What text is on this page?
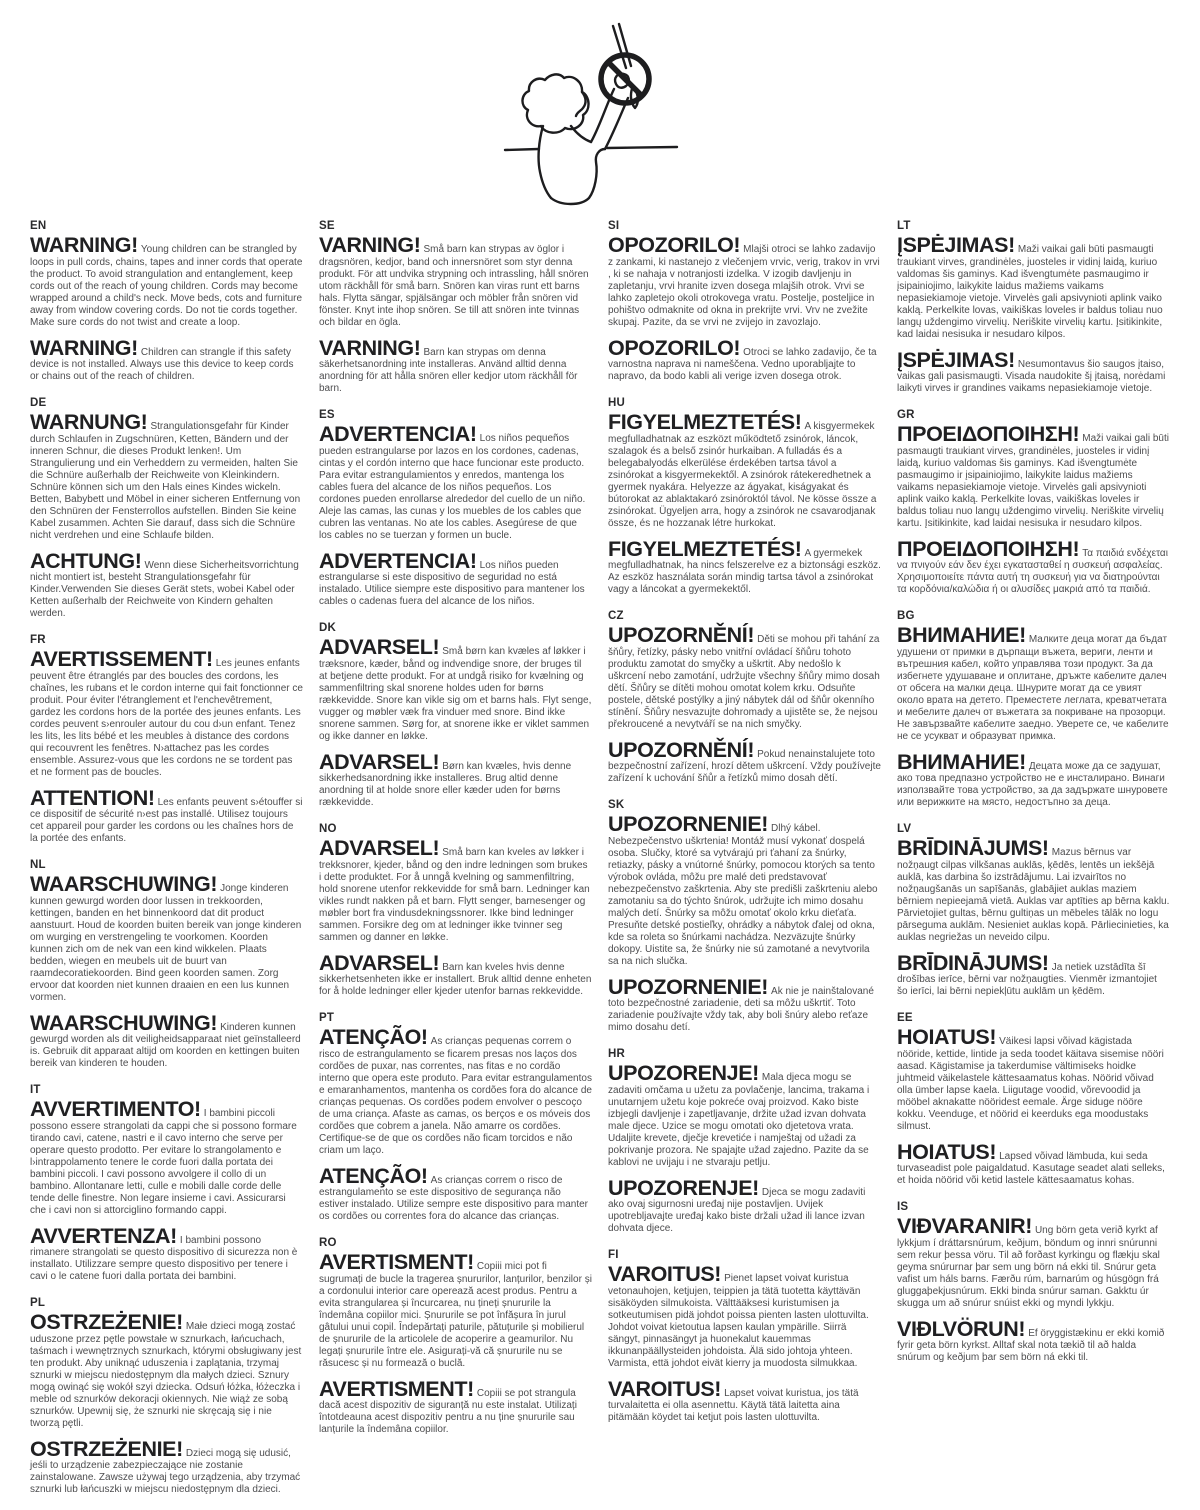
EN

WARNING! Young children can be strangled by loops in pull cords, chains, tapes and inner cords that operate the product. To avoid strangulation and entanglement, keep cords out of the reach of young children. Cords may become wrapped around a child's neck. Move beds, cots and furniture away from window covering cords. Do not tie cords together. Make sure cords do not twist and create a loop.

WARNING! Children can strangle if this safety device is not installed. Always use this device to keep cords or chains out of the reach of children.

DE

WARNUNG! Strangulationsgefahr für Kinder durch Schlaufen in Zugschnüren, Ketten, Bändern und der inneren Schnur, die dieses Produkt lenken!. Um Strangulierung und ein Verheddern zu vermeiden, halten Sie die Schnüre außerhalb der Reichweite von Kleinkindern. Schnüre können sich um den Hals eines Kindes wickeln. Betten, Babybett und Möbel in einer sicheren Entfernung von den Schnüren der Fensterrollos aufstellen. Binden Sie keine Kabel zusammen. Achten Sie darauf, dass sich die Schnüre nicht verdrehen und eine Schlaufe bilden.

ACHTUNG! Wenn diese Sicherheitsvorrichtung nicht montiert ist, besteht Strangulationsgefahr für Kinder.Verwenden Sie dieses Gerät stets, wobei Kabel oder Ketten außerhalb der Reichweite von Kindern gehalten werden.

FR

AVERTISSEMENT! Les jeunes enfants peuvent être étranglés par des boucles des cordons, les chaînes, les rubans et le cordon interne qui fait fonctionner ce produit. Pour éviter l'étranglement et l'enchevêtrement, gardez les cordons hors de la portée des jeunes enfants. Les cordes peuvent s›enrouler autour du cou d›un enfant. Tenez les lits, les lits bébé et les meubles à distance des cordons qui recouvrent les fenêtres. N›attachez pas les cordes ensemble. Assurez-vous que les cordons ne se tordent pas et ne forment pas de boucles.

ATTENTION! Les enfants peuvent s›étouffer si ce dispositif de sécurité n›est pas installé. Utilisez toujours cet appareil pour garder les cordons ou les chaînes hors de la portée des enfants.

NL

WAARSCHUWING! Jonge kinderen kunnen gewurgd worden door lussen in trekkoorden, kettingen, banden en het binnenkoord dat dit product aanstuurt. Houd de koorden buiten bereik van jonge kinderen om wurging en verstrengeling te voorkomen. Koorden kunnen zich om de nek van een kind wikkelen. Plaats bedden, wiegen en meubels uit de buurt van raamdecoratiekoorden. Bind geen koorden samen. Zorg ervoor dat koorden niet kunnen draaien en een lus kunnen vormen.

WAARSCHUWING! Kinderen kunnen gewurgd worden als dit veiligheidsapparaat niet geïnstalleerd is. Gebruik dit apparaat altijd om koorden en kettingen buiten bereik van kinderen te houden.

IT

AVVERTIMENTO! I bambini piccoli possono essere strangolati da cappi che si possono formare tirando cavi, catene, nastri e il cavo interno che serve per operare questo prodotto. Per evitare lo strangolamento e l›intrappolamento tenere le corde fuori dalla portata dei bambini piccoli. I cavi possono avvolgere il collo di un bambino. Allontanare letti, culle e mobili dalle corde delle tende delle finestre. Non legare insieme i cavi. Assicurarsi che i cavi non si attorciglino formando cappi.

AVVERTENZA! I bambini possono rimanere strangolati se questo dispositivo di sicurezza non è installato. Utilizzare sempre questo dispositivo per tenere i cavi o le catene fuori dalla portata dei bambini.

PL

OSTRZEŻENIE! Małe dzieci mogą zostać uduszone przez pętle powstałe w sznurkach, łańcuchach, taśmach i wewnętrznych sznurkach, którymi obsługiwany jest ten produkt. Aby uniknąć uduszenia i zaplątania, trzymaj sznurki w miejscu niedostępnym dla małych dzieci. Sznury mogą owinąć się wokół szyi dziecka. Odsuń łóżka, łóżeczka i meble od sznurków dekoracji okiennych. Nie wiąż ze sobą sznurków. Upewnij się, że sznurki nie skręcają się i nie tworzą pętli.

OSTRZEŻENIE! Dzieci mogą się udusić, jeśli to urządzenie zabezpieczające nie zostanie zainstalowane. Zawsze używaj tego urządzenia, aby trzymać sznurki lub łańcuszki w miejscu niedostępnym dla dzieci.

SE

VARNING! Små barn kan strypas av öglor i dragsnören, kedjor, band och innersnöret som styr denna produkt. För att undvika strypning och intrassling, håll snören utom räckhåll för små barn. Snören kan viras runt ett barns hals. Flytta sängar, spjälsängar och möbler från snören vid fönster. Knyt inte ihop snören. Se till att snören inte tvinnas och bildar en ögla.

VARNING! Barn kan strypas om denna säkerhetsanordning inte installeras. Använd alltid denna anordning för att hålla snören eller kedjor utom räckhåll för barn.

ES

ADVERTENCIA! Los niños pequeños pueden estrangularse por lazos en los cordones, cadenas, cintas y el cordón interno que hace funcionar este producto. Para evitar estrangulamientos y enredos, mantenga los cables fuera del alcance de los niños pequeños. Los cordones pueden enrollarse alrededor del cuello de un niño. Aleje las camas, las cunas y los muebles de los cables que cubren las ventanas. No ate los cables. Asegúrese de que los cables no se tuerzan y formen un bucle.

ADVERTENCIA! Los niños pueden estrangularse si este dispositivo de seguridad no está instalado. Utilice siempre este dispositivo para mantener los cables o cadenas fuera del alcance de los niños.

DK

ADVARSEL! Små børn kan kvæles af løkker i træksnore, kæder, bånd og indvendige snore, der bruges til at betjene dette produkt. For at undgå risiko for kvælning og sammenfiltring skal snorene holdes uden for børns rækkevidde. Snore kan vikle sig om et barns hals. Flyt senge, vugger og møbler væk fra vinduer med snore. Bind ikke snorene sammen. Sørg for, at snorene ikke er viklet sammen og ikke danner en løkke.

ADVARSEL! Børn kan kvæles, hvis denne sikkerhedsanordning ikke installeres. Brug altid denne anordning til at holde snore eller kæder uden for børns rækkevidde.

NO

ADVARSEL! Små barn kan kveles av løkker i trekksnorer, kjeder, bånd og den indre ledningen som brukes i dette produktet. For å unngå kvelning og sammenfiltring, hold snorene utenfor rekkevidde for små barn. Ledninger kan vikles rundt nakken på et barn. Flytt senger, barnesenger og møbler bort fra vindusdekningssnorer. Ikke bind ledninger sammen. Forsikre deg om at ledninger ikke tvinner seg sammen og danner en løkke.

ADVARSEL! Barn kan kveles hvis denne sikkerhetsenheten ikke er installert. Bruk alltid denne enheten for å holde ledninger eller kjeder utenfor barnas rekkevidde.

PT

ATENÇÃO! As crianças pequenas correm o risco de estrangulamento se ficarem presas nos laços dos cordões de puxar, nas correntes, nas fitas e no cordão interno que opera este produto. Para evitar estrangulamentos e emaranhamentos, mantenha os cordões fora do alcance de crianças pequenas. Os cordões podem envolver o pescoço de uma criança. Afaste as camas, os berços e os móveis dos cordões que cobrem a janela. Não amarre os cordões. Certifique-se de que os cordões não ficam torcidos e não criam um laço.

ATENÇÃO! As crianças correm o risco de estrangulamento se este dispositivo de segurança não estiver instalado. Utilize sempre este dispositivo para manter os cordões ou correntes fora do alcance das crianças.

RO

AVERTISMENT! Copiii mici pot fi sugrumați de bucle la tragerea șnururilor, lanțurilor, benzilor și a cordonului interior care operează acest produs. Pentru a evita strangularea și încurcarea, nu țineți șnururile la îndemâna copiilor mici. Șnururile se pot înfășura în jurul gâtului unui copil. Îndepărtați paturile, pătuțurile și mobilierul de șnururile de la articolele de acoperire a geamurilor. Nu legați șnururile între ele. Asigurați-vă că șnururile nu se răsucesc și nu formează o buclă.

AVERTISMENT! Copiii se pot strangula dacă acest dispozitiv de siguranță nu este instalat. Utilizați întotdeauna acest dispozitiv pentru a nu ține șnururile sau lanțurile la îndemâna copiilor.

SI

OPOZORILO! Mlajši otroci se lahko zadavijo z zankami, ki nastanejo z vlečenjem vrvic, verig, trakov in vrvi , ki se nahaja v notranjosti izdelka. V izogib davljenju in zapletanju, vrvi hranite izven dosega mlajših otrok. Vrvi se lahko zapletejo okoli otrokovega vratu. Postelje, posteljice in pohištvo odmaknite od okna in prekrijte vrvi. Vrv ne zvežite skupaj. Pazite, da se vrvi ne zvijejo in zavozlajo.

OPOZORILO! Otroci se lahko zadavijo, če ta varnostna naprava ni nameščena. Vedno uporabljajte to napravo, da bodo kabli ali verige izven dosega otrok.

HU

FIGYELMEZTETÉS! A kisgyermekek megfulladhatnak az eszközt működtető zsinórok, láncok, szalagok és a belső zsinór hurkaiban. A fulladás és a belegabalyodás elkerülése érdekében tartsa távol a zsinórokat a kisgyermekektől. A zsinórok rátekeredhetnek a gyermek nyakára. Helyezze az ágyakat, kiságyakat és bútorokat az ablaktakaró zsinóroktól távol. Ne kösse össze a zsinórokat. Ügyeljen arra, hogy a zsinórok ne csavarodjanak össze, és ne hozzanak létre hurkokat.

FIGYELMEZTETÉS! A gyermekek megfulladhatnak, ha nincs felszerelve ez a biztonsági eszköz. Az eszköz használata során mindig tartsa távol a zsinórokat vagy a láncokat a gyermekektől.

CZ

UPOZORNĚNÍ! Děti se mohou při tahání za šňůry, řetízky, pásky nebo vnitřní ovládací šňůru tohoto produktu zamotat do smyčky a uškrtit. Aby nedošlo k uškrcení nebo zamotání, udržujte všechny šňůry mimo dosah dětí. Šňůry se dítěti mohou omotat kolem krku. Odsuňte postele, dětské postýlky a jiný nábytek dál od šňůr okenního stínění. Šňůry nesvazujte dohromady a ujistěte se, že nejsou překroucené a nevytváří se na nich smyčky.

UPOZORNĚNÍ! Pokud nenainstalujete toto bezpečnostní zařízení, hrozí dětem uškrcení. Vždy používejte zařízení k uchování šňůr a řetízků mimo dosah dětí.

SK

UPOZORNENIE! Dlhý kábel. Nebezpečenstvo uškrtenia! Montáž musí vykonať dospelá osoba. Slučky, ktoré sa vytvárajú pri ťahaní za šnúrky, retiazky, pásky a vnútorné šnúrky, pomocou ktorých sa tento výrobok ovláda, môžu pre malé deti predstavovať nebezpečenstvo zaškrtenia. Aby ste predišli zaškrteniu alebo zamotaniu sa do týchto šnúrok, udržujte ich mimo dosahu malých detí. Šnúrky sa môžu omotať okolo krku dieťaťa. Presuňte detské postieľky, ohrádky a nábytok ďalej od okna, kde sa roleta so šnúrkami nachádza. Nezväzujte šnúrky dokopy. Uistite sa, že šnúrky nie sú zamotané a nevytvorila sa na nich slučka.

UPOZORNENIE! Ak nie je nainštalované toto bezpečnostné zariadenie, deti sa môžu uškrtiť. Toto zariadenie používajte vždy tak, aby boli šnúry alebo reťaze mimo dosahu detí.

HR

UPOZORENJE! Mala djeca mogu se zadaviti omčama u užetu za povlačenje, lancima, trakama i unutarnjem užetu koje pokreće ovaj proizvod. Kako biste izbjegli davljenje i zapetljavanje, držite užad izvan dohvata male djece. Uzice se mogu omotati oko djetetova vrata. Udaljite krevete, dječje krevetiće i namještaj od užadi za pokrivanje prozora. Ne spajajte užad zajedno. Pazite da se kablovi ne uvijaju i ne stvaraju petlju.

UPOZORENJE! Djeca se mogu zadaviti ako ovaj sigurnosni uređaj nije postavljen. Uvijek upotrebljavajte uređaj kako biste držali užad ili lance izvan dohvata djece.

FI

VAROITUS! Pienet lapset voivat kuristua vetonauhojen, ketjujen, teippien ja tätä tuotetta käyttävän sisäköyden silmukoista. Välttääksesi kuristumisen ja sotkeutumisen pidä johdot poissa pienten lasten ulottuvilta. Johdot voivat kietoutua lapsen kaulan ympärille. Siirrä sängyt, pinnasängyt ja huonekalut kauemmas ikkunanpäällysteiden johdoista. Älä sido johtoja yhteen. Varmista, että johdot eivät kierry ja muodosta silmukkaa.

VAROITUS! Lapset voivat kuristua, jos tätä turvalaitetta ei olla asennettu. Käytä tätä laitetta aina pitämään köydet tai ketjut pois lasten ulottuvilta.

LT

ĮSPĖJIMAS! Maži vaikai gali būti pasmaugti traukiant virves, grandinėles, juosteles ir vidinį laidą, kuriuo valdomas šis gaminys. Kad išvengtumėte pasmaugimo ir įsipainiojimo, laikykite laidus mažiems vaikams nepasiekiamoje vietoje. Virvelės gali apsivynioti aplink vaiko kaklą. Perkelkite lovas, vaikiškas loveles ir baldus toliau nuo langų uždengimo virvelių. Neriškite virvelių kartu. Įsitikinkite, kad laidai nesisuka ir nesudaro kilpos.

ĮSPĖJIMAS! Nesumontavus šio saugos įtaiso, vaikas gali pasismaugti. Visada naudokite šį įtaisą, norėdami laikyti virves ir grandines vaikams nepasiekiamoje vietoje.

GR

ΠΡΟΕΙΔΟΠΟΙΗΣΗ! Maži vaikai gali būti pasmaugti traukiant virves, grandinėles, juosteles ir vidinį laidą, kuriuo valdomas šis gaminys. Kad išvengtumėte pasmaugimo ir įsipainiojimo, laikykite laidus mažiems vaikams nepasiekiamoje vietoje. Virvelės gali apsivynioti aplink vaiko kaklą. Perkelkite lovas, vaikiškas loveles ir baldus toliau nuo langų uždengimo virvelių. Neriškite virvelių kartu. Įsitikinkite, kad laidai nesisuka ir nesudaro kilpos.

ΠΡΟΕΙΔΟΠΟΙΗΣΗ! Τα παιδιά ενδέχεται να πνιγούν εάν δεν έχει εγκατασταθεί η συσκευή ασφαλείας. Χρησιμοποιείτε πάντα αυτή τη συσκευή για να διατηρούνται τα κορδόνια/καλώδια ή οι αλυσίδες μακριά από τα παιδιά.

BG

ВНИМАНИЕ! Малките деца могат да бъдат удушени от примки в дърпащи въжета, вериги, ленти и вътрешния кабел, който управлява този продукт. За да избегнете удушаване и оплитане, дръжте кабелите далеч от обсега на малки деца. Шнурите могат да се увият около врата на детето. Преместете леглата, креватчетата и мебелите далеч от въжетата за покриване на прозорци. Не завързвайте кабелите заедно. Уверете се, че кабелите не се усукват и образуват примка.

ВНИМАНИЕ! Децата може да се задушат, ако това предпазно устройство не е инсталирано. Винаги използвайте това устройство, за да задържате шнуровете или верижките на място, недостъпно за деца.

LV

BRĪDINĀJUMS! Mazus bērnus var nožņaugt cilpas vilkšanas auklās, ķēdēs, lentēs un iekšējā auklā, kas darbina šo izstrādājumu. Lai izvairītos no nožņaugšanās un sapīšanās, glabājiet auklas maziem bērniem nepieejamā vietā. Auklas var aptīties ap bērna kaklu. Pārvietojiet gultas, bērnu gultiņas un mēbeles tālāk no logu pārseguma auklām. Nesieniet auklas kopā. Pārliecinieties, ka auklas negriežas un neveido cilpu.

BRĪDINĀJUMS! Ja netiek uzstādīta šī drošības ierīce, bērni var nožņaugties. Vienmēr izmantojiet šo ierīci, lai bērni nepiekļūtu auklām un ķēdēm.

EE

HOIATUS! Väikesi lapsi võivad kägistada nööride, kettide, lintide ja seda toodet käitava sisemise nööri aasad. Kägistamise ja takerdumise vältimiseks hoidke juhtmeid väikelastele kättesaamatus kohas. Nöörid võivad olla ümber lapse kaela. Liigutage voodid, võrevoodid ja mööbel aknakatte nööridest eemale. Ärge siduge nööre kokku. Veenduge, et nöörid ei keerduks ega moodustaks silmust.

HOIATUS! Lapsed võivad lämbuda, kui seda turvaseadist pole paigaldatud. Kasutage seadet alati selleks, et hoida nöörid või ketid lastele kättesaamatus kohas.

IS

VIÐVARANIR! Ung börn geta verið kyrkt af lykkjum í dráttarsnúrum, keðjum, böndum og innri snúrunni sem rekur þessa vöru. Til að forðast kyrkingu og flækju skal geyma snúrurnar þar sem ung börn ná ekki til. Snúrur geta vafist um háls barns. Færðu rúm, barnarúm og húsgögn frá gluggaþekjusnúrum. Ekki binda snúrur saman. Gakktu úr skugga um að snúrur snúist ekki og myndi lykkju.

VIÐLVÖRUN! Ef öryggistækinu er ekki komið fyrir geta börn kyrkst. Alltaf skal nota tækið til að halda snúrum og keðjum þar sem börn ná ekki til.
